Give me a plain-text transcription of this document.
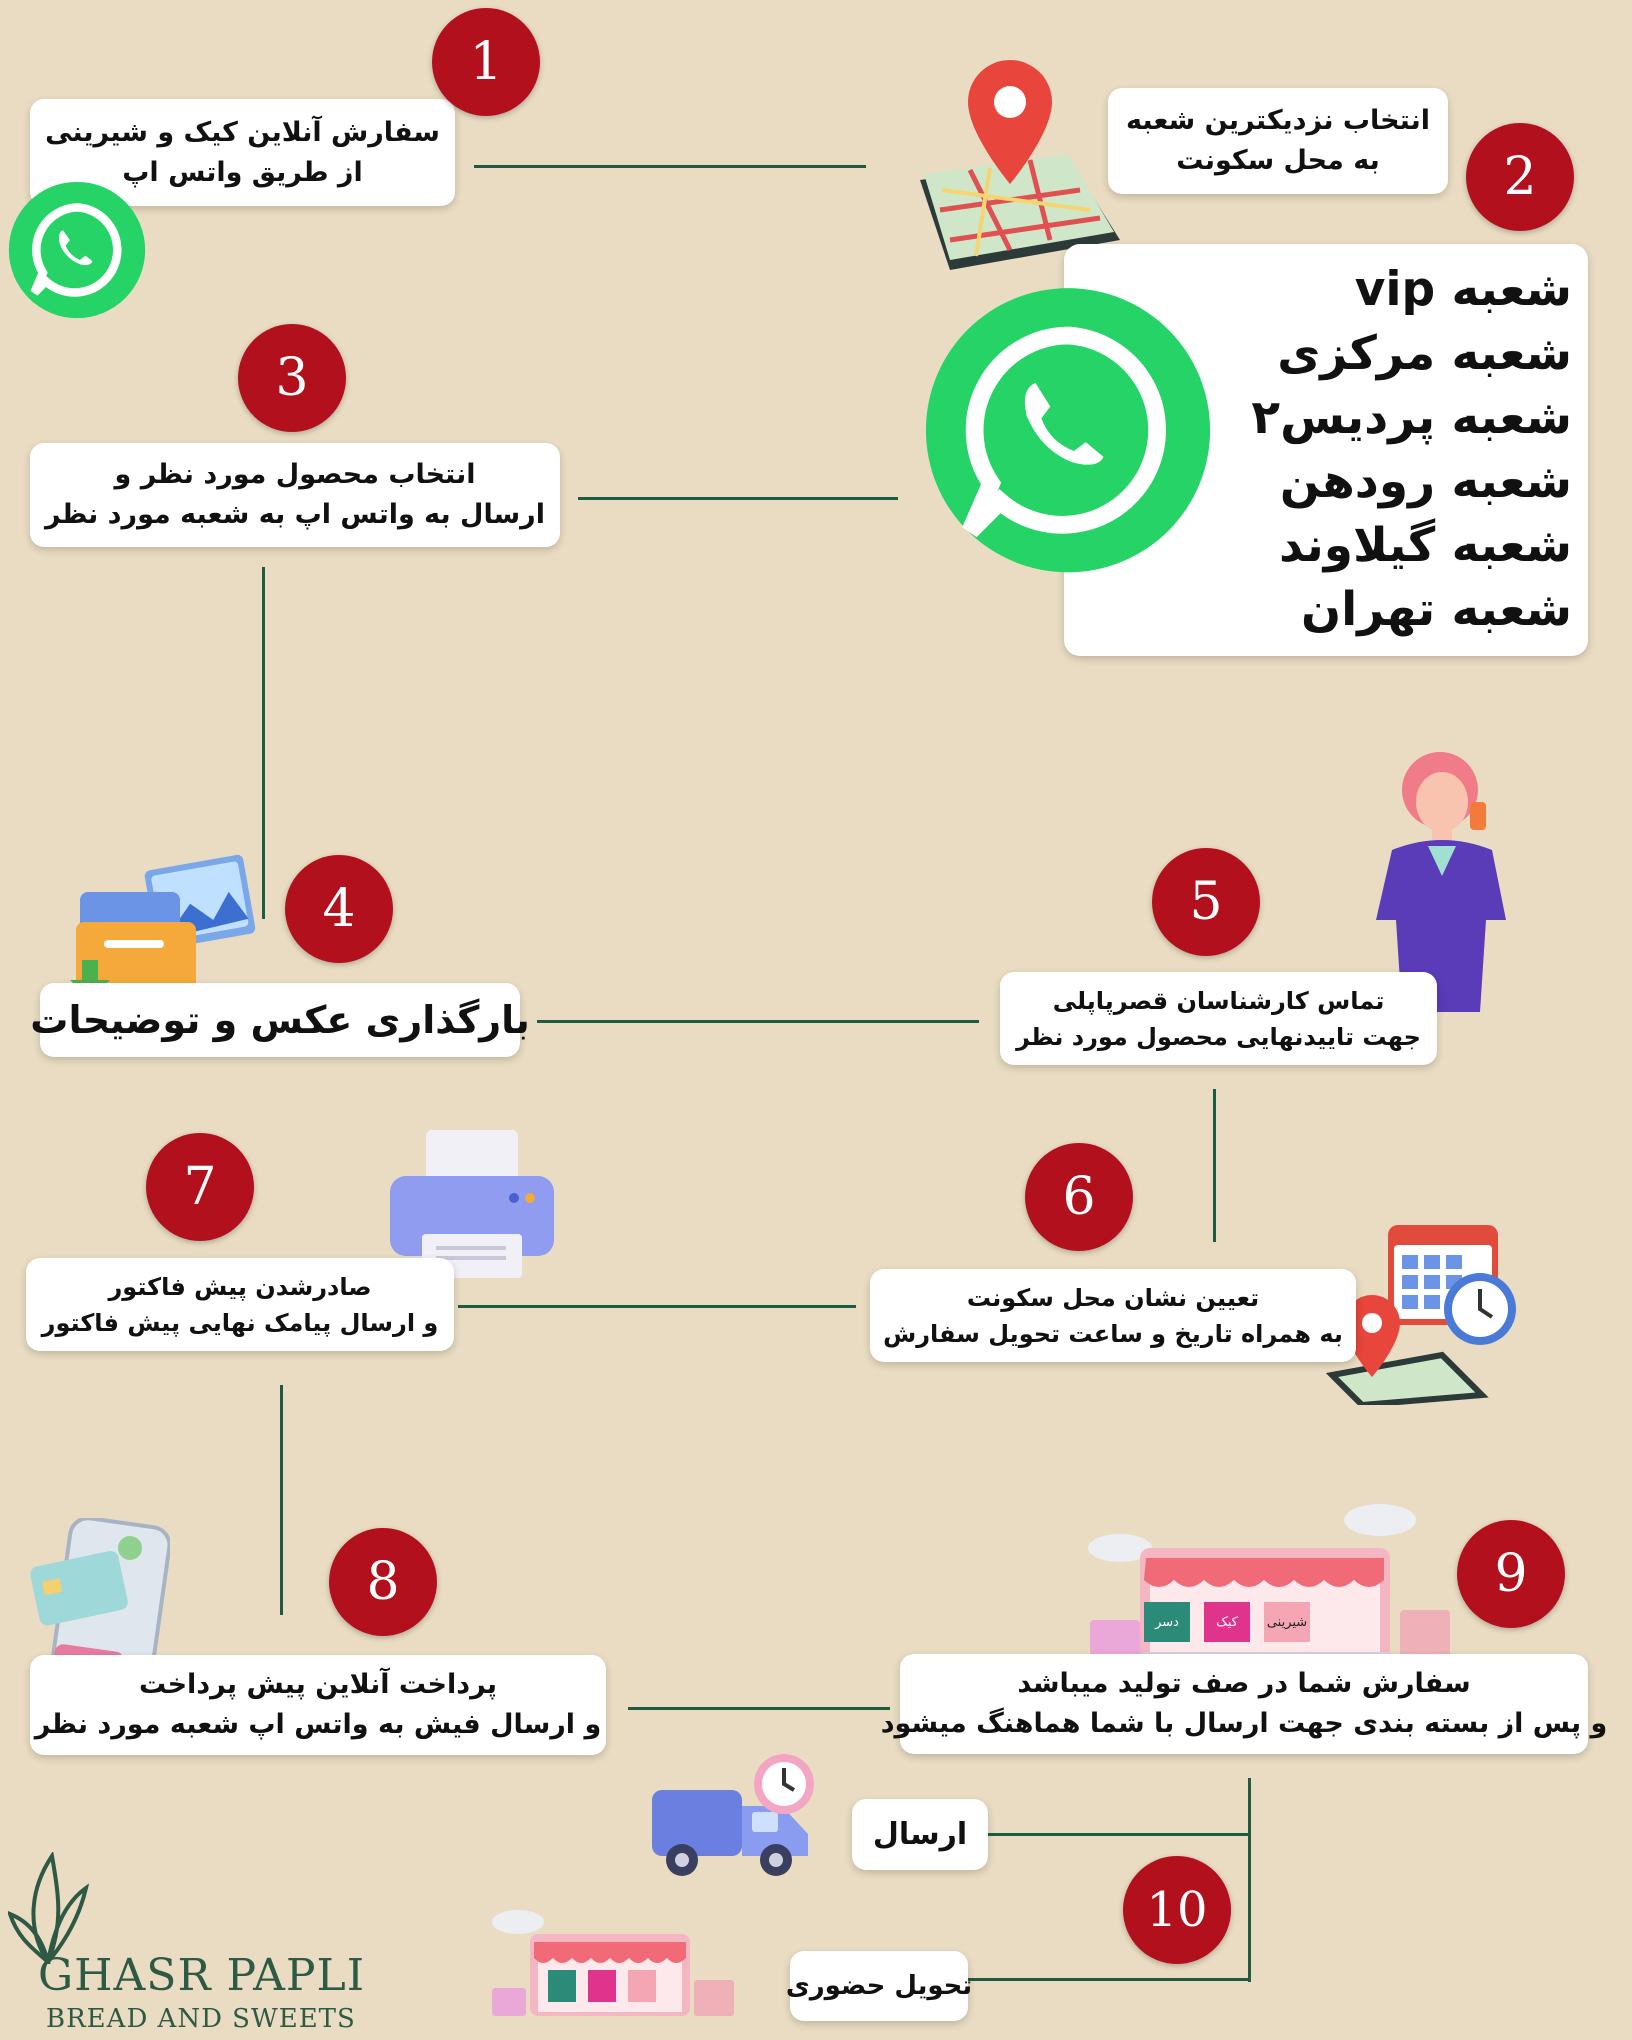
سفارش آنلاین کیک و شیرینی
از طریق واتس اپ
1
انتخاب نزدیکترین شعبه
به محل سکونت	2
شعبه vip
شعبه مرکزی
شعبه پردیس۲
شعبه رودهن
شعبه گیلاوند
شعبه تهران
3
انتخاب محصول مورد نظر و
ارسال به واتس اپ به شعبه مورد نظر
4
بارگذاری عکس و توضیحات
5
تماس کارشناسان قصرپاپلی
جهت تاییدنهایی محصول مورد نظر
6
تعیین نشان محل سکونت
به همراه تاریخ و ساعت تحویل سفارش
7
صادرشدن پیش فاکتور
و ارسال پیامک نهایی پیش فاکتور
8
پرداخت آنلاین پیش پرداخت
و ارسال فیش به واتس اپ شعبه مورد نظر
دسر	کیک	شیرینی
9
سفارش شما در صف تولید میباشد
و پس از بسته بندی جهت ارسال با شما هماهنگ میشود
ارسال
10
تحویل حضوری
GHASR PAPLI
BREAD AND SWEETS
